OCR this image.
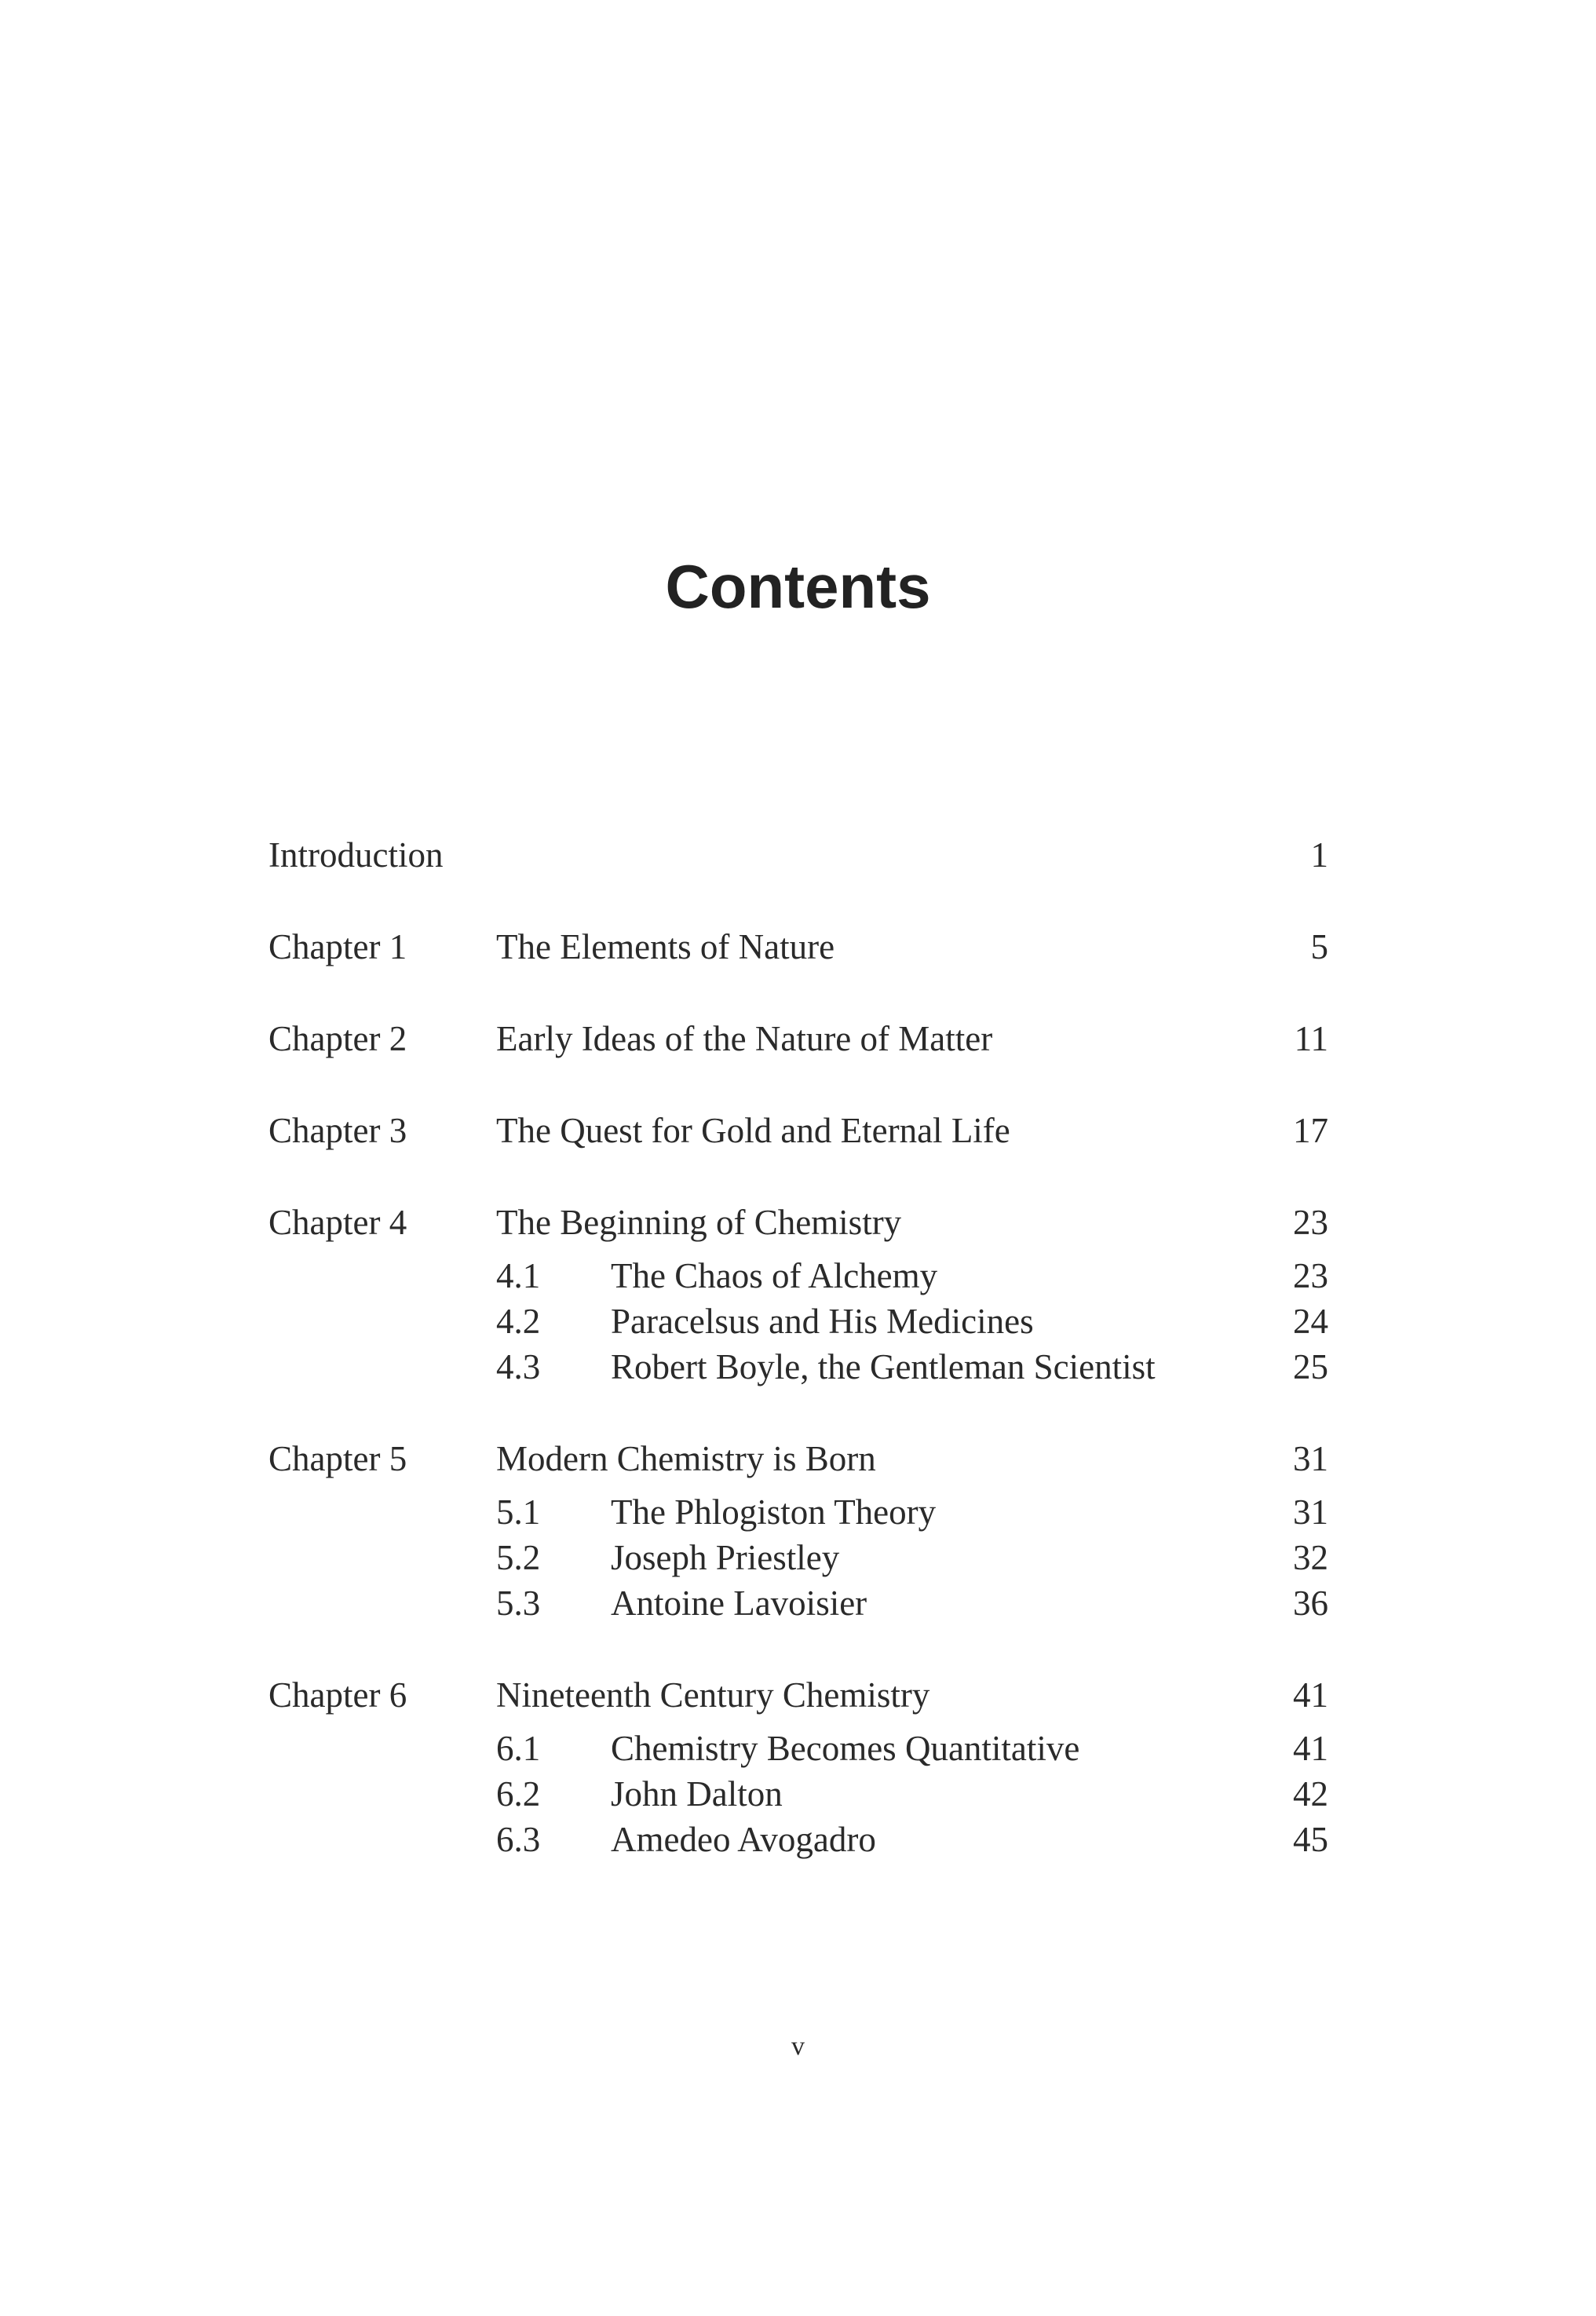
Contents
Introduction	1
Chapter 1	The Elements of Nature	5
Chapter 2	Early Ideas of the Nature of Matter	11
Chapter 3	The Quest for Gold and Eternal Life	17
Chapter 4	The Beginning of Chemistry	23
4.1	The Chaos of Alchemy	23
4.2	Paracelsus and His Medicines	24
4.3	Robert Boyle, the Gentleman Scientist	25
Chapter 5	Modern Chemistry is Born	31
5.1	The Phlogiston Theory	31
5.2	Joseph Priestley	32
5.3	Antoine Lavoisier	36
Chapter 6	Nineteenth Century Chemistry	41
6.1	Chemistry Becomes Quantitative	41
6.2	John Dalton	42
6.3	Amedeo Avogadro	45
v
